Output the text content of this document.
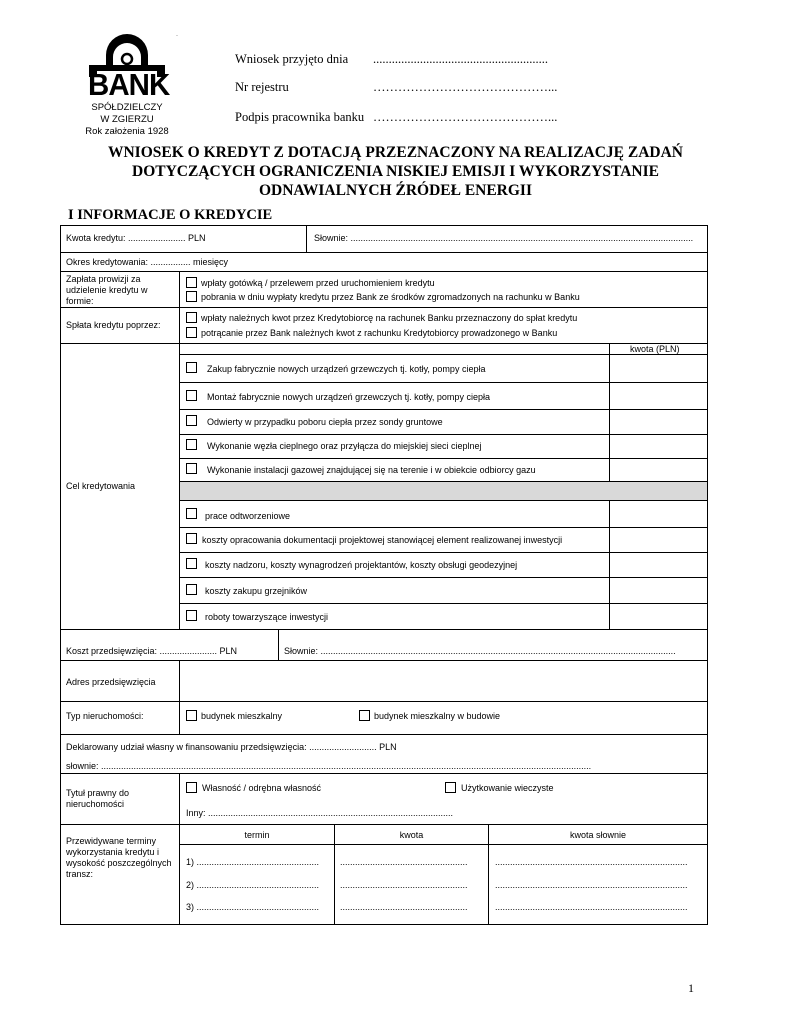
BANK
SPÓŁDZIELCZY
W ZGIERZU
Rok założenia 1928
·
Wniosek przyjęto dnia ........................................................
Nr rejestru	……………………………………...
Podpis pracownika banku ……………………………………...
WNIOSEK O KREDYT Z DOTACJĄ PRZEZNACZONY NA REALIZACJĘ ZADAŃ
DOTYCZĄCYCH OGRANICZENIA NISKIEJ EMISJI I WYKORZYSTANIE
ODNAWIALNYCH ŹRÓDEŁ ENERGII
I INFORMACJE O KREDYCIE
Kwota kredytu: ....................... PLN	Słownie: .........................................................................................................................................
Okres kredytowania: ................ miesięcy
Zapłata prowizji za udzielenie kredytu w formie:
wpłaty gotówką / przelewem przed uruchomieniem kredytu
pobrania w dniu wypłaty kredytu przez Bank ze środków zgromadzonych na rachunku w Banku
Spłata kredytu poprzez:
wpłaty należnych kwot przez Kredytobiorcę na rachunek Banku przeznaczony do spłat kredytu
potrącanie przez Bank należnych kwot z rachunku Kredytobiorcy prowadzonego w Banku
Cel kredytowania
kwota (PLN)
Zakup fabrycznie nowych urządzeń grzewczych tj. kotły, pompy ciepła
Montaż fabrycznie nowych urządzeń grzewczych tj. kotły, pompy ciepła
Odwierty w przypadku poboru ciepła przez sondy gruntowe
Wykonanie węzła cieplnego oraz przyłącza do miejskiej sieci cieplnej
Wykonanie instalacji gazowej znajdującej się na terenie i w obiekcie odbiorcy gazu
prace odtworzeniowe
koszty opracowania dokumentacji projektowej stanowiącej element realizowanej inwestycji
koszty nadzoru, koszty wynagrodzeń projektantów, koszty obsługi geodezyjnej
koszty zakupu grzejników
roboty towarzyszące inwestycji
Koszt przedsięwzięcia: ....................... PLN	Słownie: ..............................................................................................................................................
Adres przedsięwzięcia
Typ nieruchomości:	budynek mieszkalny	budynek mieszkalny w budowie
Deklarowany udział własny w finansowaniu przedsięwzięcia: ........................... PLN
słownie: ....................................................................................................................................................................................................
Tytuł prawny do nieruchomości
Własność / odrębna własność	Użytkowanie wieczyste
Inny: ..................................................................................................
Przewidywane terminy wykorzystania kredytu i wysokość poszczególnych transz:
termin	kwota	kwota słownie
1) ................................................. ...................................................	.............................................................................
2) ................................................. ...................................................	.............................................................................
3) ................................................. ...................................................	.............................................................................
1
